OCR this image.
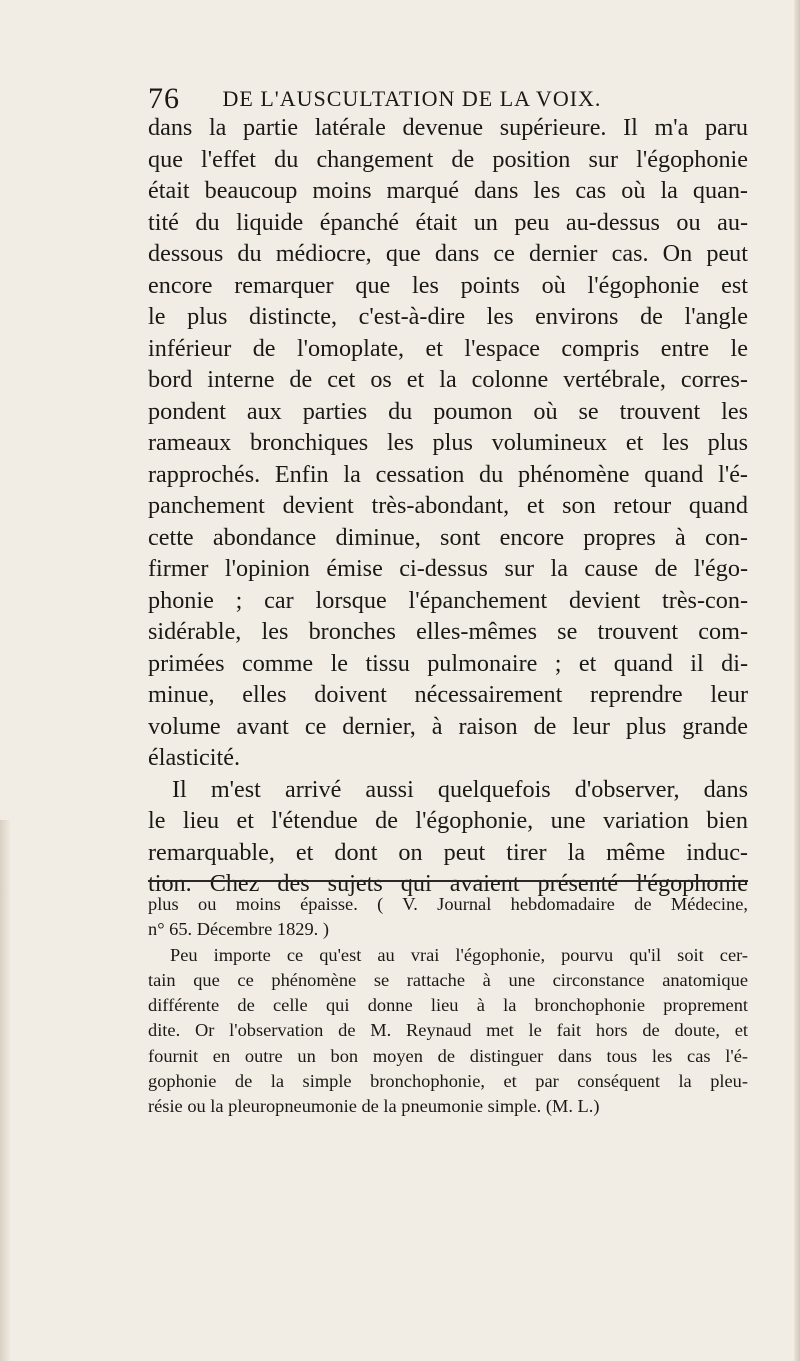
76 DE L'AUSCULTATION DE LA VOIX.
dans la partie latérale devenue supérieure. Il m'a paru
que l'effet du changement de position sur l'égophonie
était beaucoup moins marqué dans les cas où la quan-
tité du liquide épanché était un peu au-dessus ou au-
dessous du médiocre, que dans ce dernier cas. On peut
encore remarquer que les points où l'égophonie est
le plus distincte, c'est-à-dire les environs de l'angle
inférieur de l'omoplate, et l'espace compris entre le
bord interne de cet os et la colonne vertébrale, corres-
pondent aux parties du poumon où se trouvent les
rameaux bronchiques les plus volumineux et les plus
rapprochés. Enfin la cessation du phénomène quand l'é-
panchement devient très-abondant, et son retour quand
cette abondance diminue, sont encore propres à con-
firmer l'opinion émise ci-dessus sur la cause de l'égo-
phonie ; car lorsque l'épanchement devient très-con-
sidérable, les bronches elles-mêmes se trouvent com-
primées comme le tissu pulmonaire ; et quand il di-
minue, elles doivent nécessairement reprendre leur
volume avant ce dernier, à raison de leur plus grande
élasticité.
Il m'est arrivé aussi quelquefois d'observer, dans
le lieu et l'étendue de l'égophonie, une variation bien
remarquable, et dont on peut tirer la même induc-
tion. Chez des sujets qui avaient présenté l'égophonie
plus ou moins épaisse. ( V. Journal hebdomadaire de Médecine,
n° 65. Décembre 1829. )
Peu importe ce qu'est au vrai l'égophonie, pourvu qu'il soit cer-
tain que ce phénomène se rattache à une circonstance anatomique
différente de celle qui donne lieu à la bronchophonie proprement
dite. Or l'observation de M. Reynaud met le fait hors de doute, et
fournit en outre un bon moyen de distinguer dans tous les cas l'é-
gophonie de la simple bronchophonie, et par conséquent la pleu-
résie ou la pleuropneumonie de la pneumonie simple. (M. L.)
